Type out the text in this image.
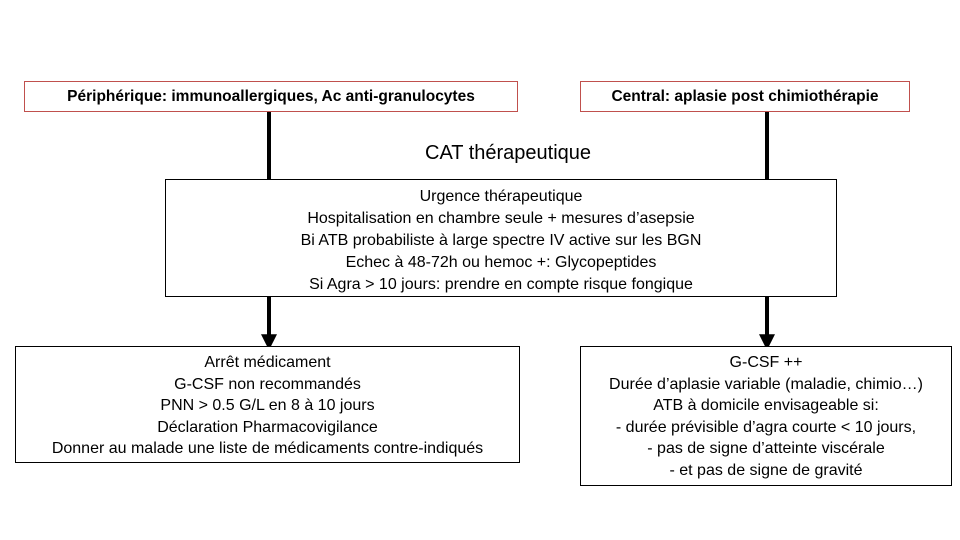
Périphérique: immunoallergiques, Ac anti-granulocytes	Central: aplasie post chimiothérapie
CAT thérapeutique
Urgence thérapeutique
Hospitalisation en chambre seule + mesures d’asepsie
Bi ATB probabiliste à large spectre IV active sur les BGN
Echec à 48-72h ou hemoc +: Glycopeptides
Si Agra > 10 jours: prendre en compte risque fongique
Arrêt médicament
G-CSF non recommandés
PNN > 0.5 G/L en 8 à 10 jours
Déclaration Pharmacovigilance
Donner au malade une liste de médicaments contre-indiqués
G-CSF ++
Durée d’aplasie variable (maladie, chimio…)
ATB à domicile envisageable si:
- durée prévisible d’agra courte < 10 jours,
- pas de signe d’atteinte viscérale
- et pas de signe de gravité
